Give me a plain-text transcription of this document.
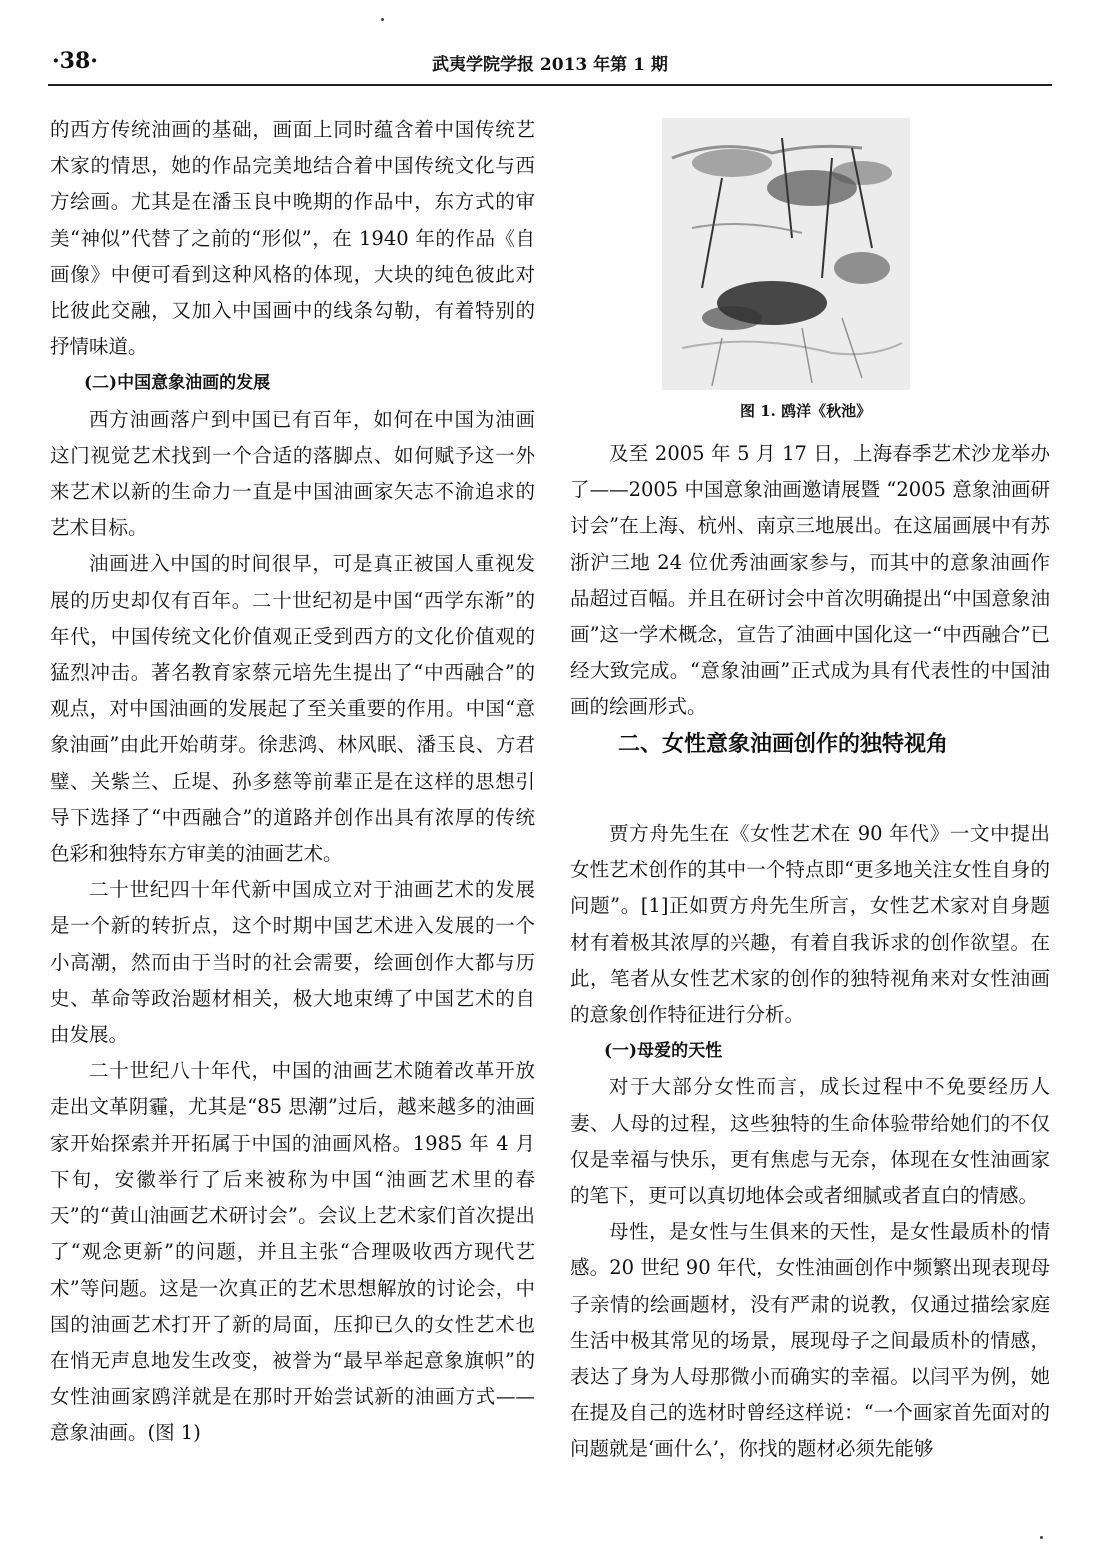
·38·	武夷学院学报 2013 年第 1 期

的西方传统油画的基础，画面上同时蕴含着中国传统艺术家的情思，她的作品完美地结合着中国传统文化与西方绘画。尤其是在潘玉良中晚期的作品中，东方式的审美“神似”代替了之前的“形似”，在 1940 年的作品《自画像》中便可看到这种风格的体现，大块的纯色彼此对比彼此交融，又加入中国画中的线条勾勒，有着特别的抒情味道。

(二)中国意象油画的发展

西方油画落户到中国已有百年，如何在中国为油画这门视觉艺术找到一个合适的落脚点、如何赋予这一外来艺术以新的生命力一直是中国油画家矢志不渝追求的艺术目标。

油画进入中国的时间很早，可是真正被国人重视发展的历史却仅有百年。二十世纪初是中国“西学东渐”的年代，中国传统文化价值观正受到西方的文化价值观的猛烈冲击。著名教育家蔡元培先生提出了“中西融合”的观点，对中国油画的发展起了至关重要的作用。中国“意象油画”由此开始萌芽。徐悲鸿、林风眠、潘玉良、方君璧、关紫兰、丘堤、孙多慈等前辈正是在这样的思想引导下选择了“中西融合”的道路并创作出具有浓厚的传统色彩和独特东方审美的油画艺术。

二十世纪四十年代新中国成立对于油画艺术的发展是一个新的转折点，这个时期中国艺术进入发展的一个小高潮，然而由于当时的社会需要，绘画创作大都与历史、革命等政治题材相关，极大地束缚了中国艺术的自由发展。

二十世纪八十年代，中国的油画艺术随着改革开放走出文革阴霾，尤其是“85 思潮”过后，越来越多的油画家开始探索并开拓属于中国的油画风格。1985 年 4 月下旬，安徽举行了后来被称为中国“油画艺术里的春天”的“黄山油画艺术研讨会”。会议上艺术家们首次提出了“观念更新”的问题，并且主张“合理吸收西方现代艺术”等问题。这是一次真正的艺术思想解放的讨论会，中国的油画艺术打开了新的局面，压抑已久的女性艺术也在悄无声息地发生改变，被誉为“最早举起意象旗帜”的女性油画家鸥洋就是在那时开始尝试新的油画方式——意象油画。(图 1)

图 1. 鸥洋《秋池》

及至 2005 年 5 月 17 日，上海春季艺术沙龙举办了——2005 中国意象油画邀请展暨 “2005 意象油画研讨会”在上海、杭州、南京三地展出。在这届画展中有苏浙沪三地 24 位优秀油画家参与，而其中的意象油画作品超过百幅。并且在研讨会中首次明确提出“中国意象油画”这一学术概念，宣告了油画中国化这一“中西融合”已经大致完成。“意象油画”正式成为具有代表性的中国油画的绘画形式。

二、女性意象油画创作的独特视角

贾方舟先生在《女性艺术在 90 年代》一文中提出女性艺术创作的其中一个特点即“更多地关注女性自身的问题”。[1]正如贾方舟先生所言，女性艺术家对自身题材有着极其浓厚的兴趣，有着自我诉求的创作欲望。在此，笔者从女性艺术家的创作的独特视角来对女性油画的意象创作特征进行分析。

(一)母爱的天性

对于大部分女性而言，成长过程中不免要经历人妻、人母的过程，这些独特的生命体验带给她们的不仅仅是幸福与快乐，更有焦虑与无奈，体现在女性油画家的笔下，更可以真切地体会或者细腻或者直白的情感。

母性，是女性与生俱来的天性，是女性最质朴的情感。20 世纪 90 年代，女性油画创作中频繁出现表现母子亲情的绘画题材，没有严肃的说教，仅通过描绘家庭生活中极其常见的场景，展现母子之间最质朴的情感，表达了身为人母那微小而确实的幸福。以闫平为例，她在提及自己的选材时曾经这样说：“一个画家首先面对的问题就是‘画什么’，你找的题材必须先能够
